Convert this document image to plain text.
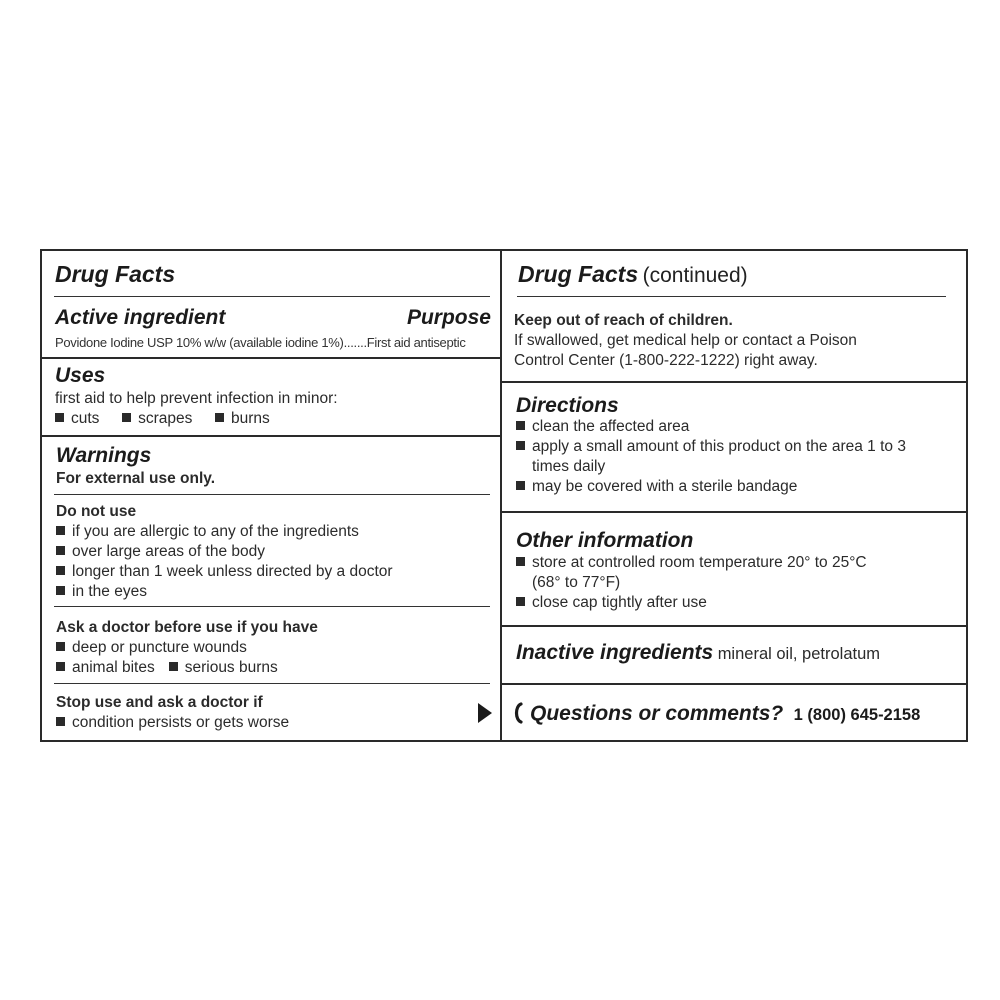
Drug Facts
Active ingredient	Purpose
Povidone Iodine USP 10% w/w (available iodine 1%).......First aid antiseptic
Uses
first aid to help prevent infection in minor:
cuts scrapes burns
Warnings
For external use only.
Do not use
if you are allergic to any of the ingredients
over large areas of the body
longer than 1 week unless directed by a doctor
in the eyes
Ask a doctor before use if you have
deep or puncture wounds
animal bites serious burns
Stop use and ask a doctor if
condition persists or gets worse
Drug Facts (continued)
Keep out of reach of children.
If swallowed, get medical help or contact a Poison
Control Center (1-800-222-1222) right away.
Directions
clean the affected area
apply a small amount of this product on the area 1 to 3
times daily
may be covered with a sterile bandage
Other information
store at controlled room temperature 20° to 25°C
(68° to 77°F)
close cap tightly after use
Inactive ingredients mineral oil, petrolatum
Questions or comments? 1 (800) 645-2158
